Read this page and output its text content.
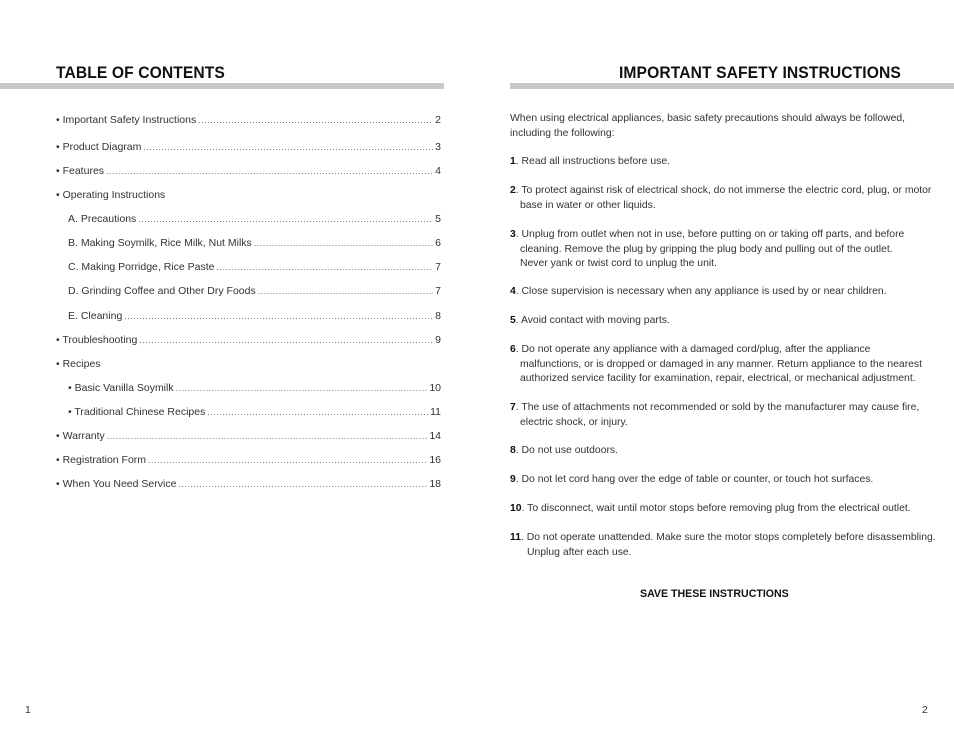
TABLE OF CONTENTS
• Important Safety Instructions .....	2
• Product Diagram .....	3
• Features .....	4
• Operating Instructions
A. Precautions .....	5
B. Making Soymilk, Rice Milk, Nut Milks .....	6
C. Making Porridge, Rice Paste .....	7
D. Grinding Coffee and Other Dry Foods .....	7
E. Cleaning .....	8
• Troubleshooting .....	9
• Recipes
• Basic Vanilla Soymilk .....	10
• Traditional Chinese Recipes .....	11
• Warranty .....	14
• Registration Form .....	16
• When You Need Service .....	18
1
IMPORTANT SAFETY INSTRUCTIONS

When using electrical appliances, basic safety precautions should always be followed,
including the following:

1. Read all instructions before use.

2. To protect against risk of electrical shock, do not immerse the electric cord, plug, or motor
base in water or other liquids.

3. Unplug from outlet when not in use, before putting on or taking off parts, and before
cleaning. Remove the plug by gripping the plug body and pulling out of the outlet.
Never yank or twist cord to unplug the unit.

4. Close supervision is necessary when any appliance is used by or near children.

5. Avoid contact with moving parts.

6. Do not operate any appliance with a damaged cord/plug, after the appliance
malfunctions, or is dropped or damaged in any manner. Return appliance to the nearest
authorized service facility for examination, repair, electrical, or mechanical adjustment.

7. The use of attachments not recommended or sold by the manufacturer may cause fire,
electric shock, or injury.

8. Do not use outdoors.

9. Do not let cord hang over the edge of table or counter, or touch hot surfaces.

10. To disconnect, wait until motor stops before removing plug from the electrical outlet.

11. Do not operate unattended. Make sure the motor stops completely before disassembling.
Unplug after each use.

SAVE THESE INSTRUCTIONS
2
